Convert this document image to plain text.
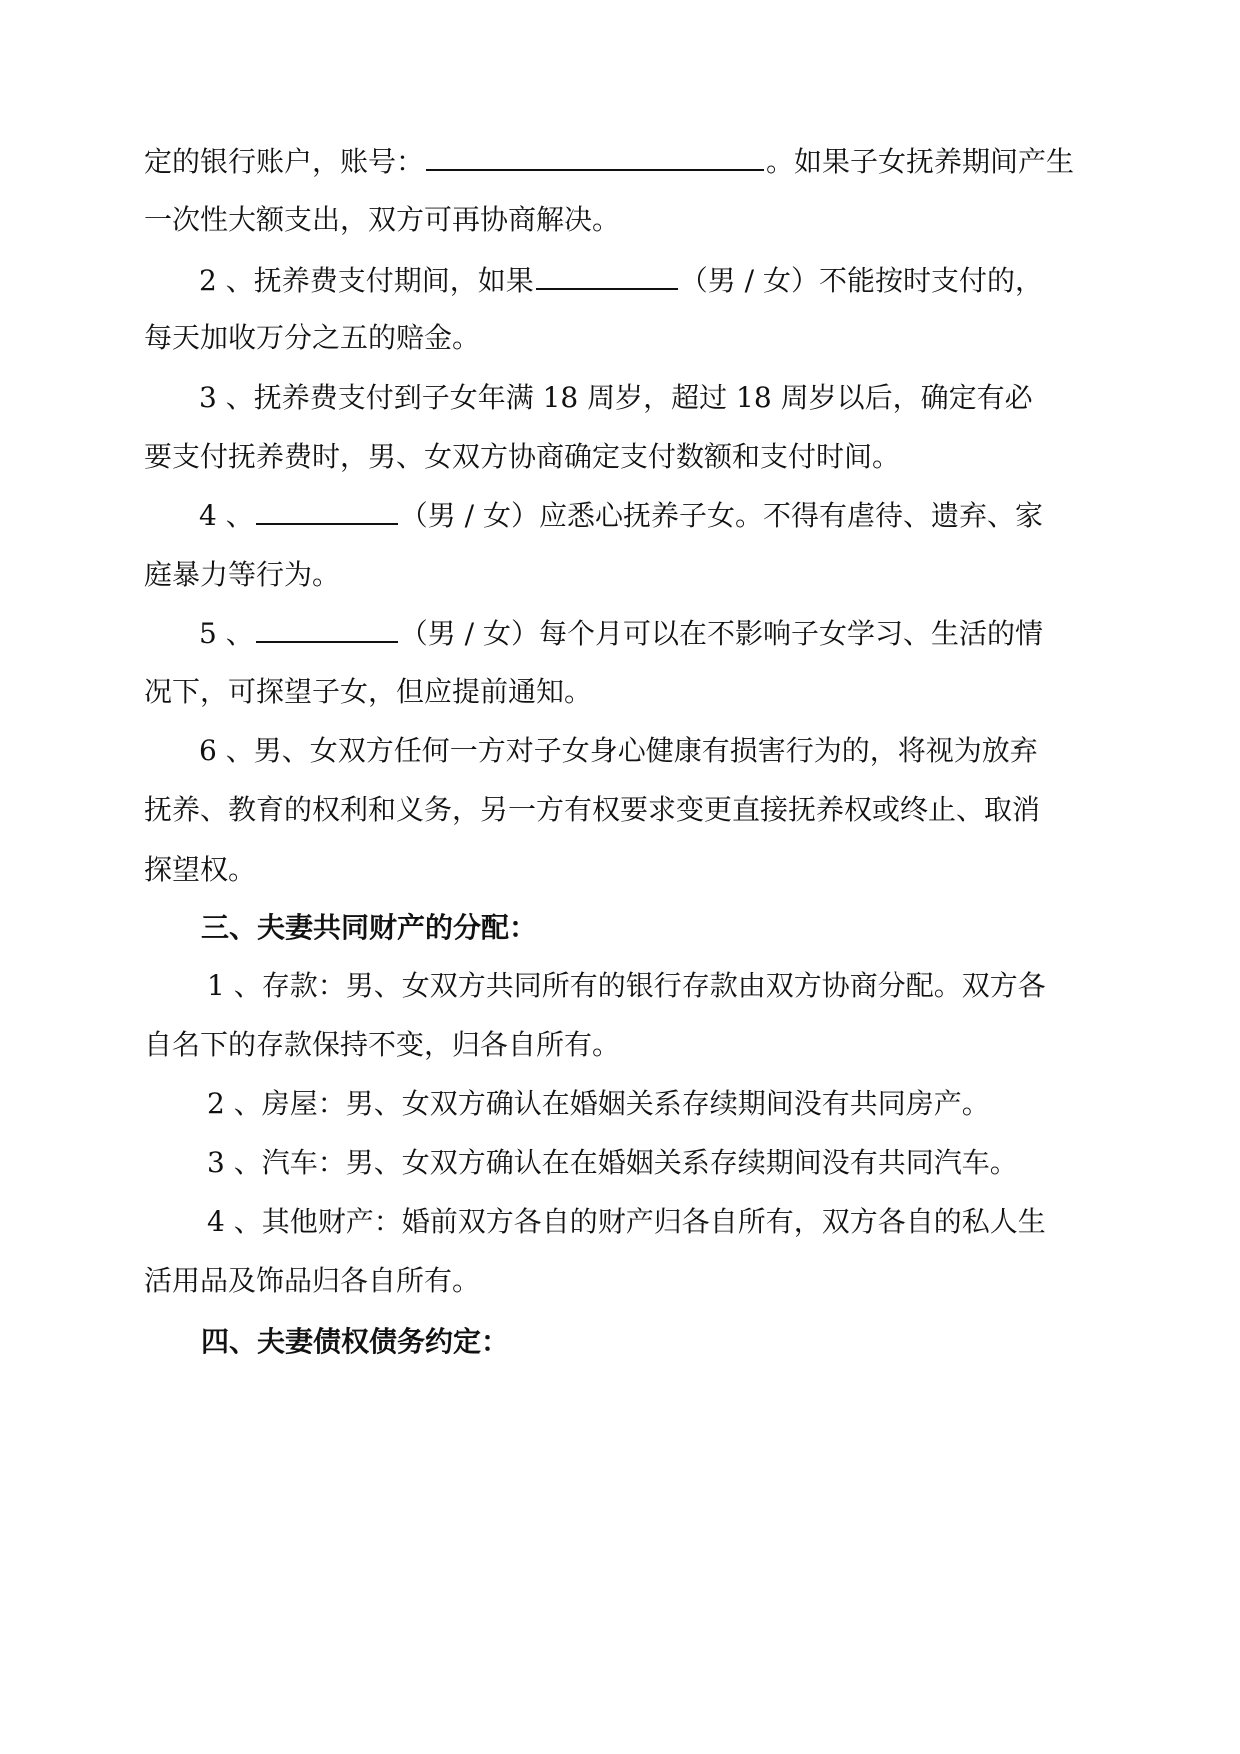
定的银行账户，账号：	。如果子女抚养期间产生
一次性大额支出，双方可再协商解决。
2 、抚养费支付期间，如果	（男 / 女）不能按时支付的，
每天加收万分之五的赔金。
3 、抚养费支付到子女年满 18 周岁，超过 18 周岁以后，确定有必
要支付抚养费时，男、女双方协商确定支付数额和支付时间。
4 、	（男 / 女）应悉心抚养子女。不得有虐待、遗弃、家
庭暴力等行为。
5 、	（男 / 女）每个月可以在不影响子女学习、生活的情
况下，可探望子女，但应提前通知。
6 、男、女双方任何一方对子女身心健康有损害行为的，将视为放弃
抚养、教育的权利和义务，另一方有权要求变更直接抚养权或终止、取消
探望权。
三、夫妻共同财产的分配：
1 、存款：男、女双方共同所有的银行存款由双方协商分配。双方各
自名下的存款保持不变，归各自所有。
2 、房屋：男、女双方确认在婚姻关系存续期间没有共同房产。
3 、汽车：男、女双方确认在在婚姻关系存续期间没有共同汽车。
4 、其他财产：婚前双方各自的财产归各自所有，双方各自的私人生
活用品及饰品归各自所有。
四、夫妻债权债务约定：
